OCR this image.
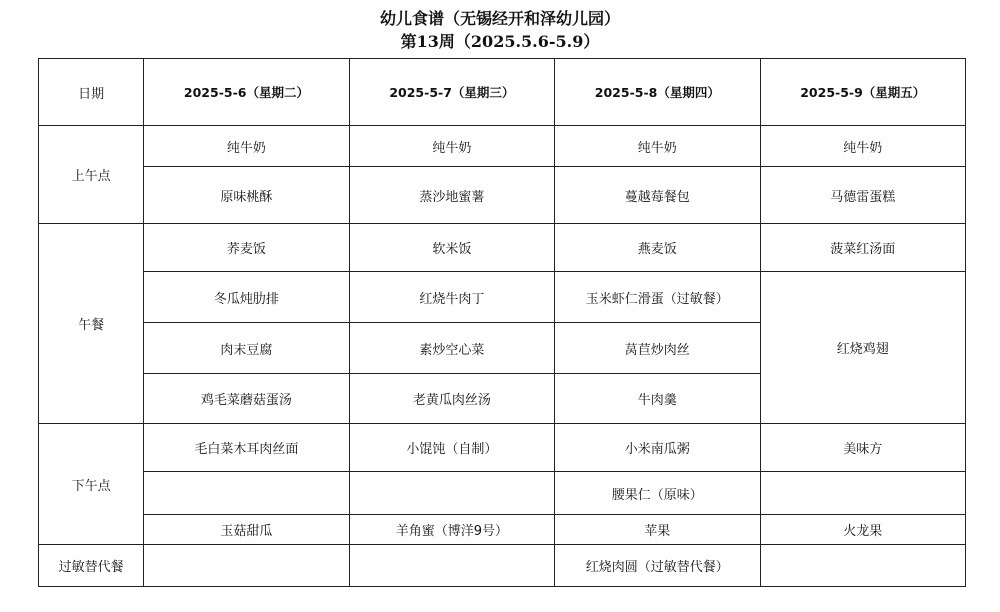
幼儿食谱（无锡经开和泽幼儿园）
第13周（2025.5.6-5.9）
日期	2025-5-6（星期二）	2025-5-7（星期三）	2025-5-8（星期四）	2025-5-9（星期五）
上午点	纯牛奶	纯牛奶	纯牛奶	纯牛奶
	原味桃酥	蒸沙地蜜薯	蔓越莓餐包	马德雷蛋糕
午餐	荞麦饭	软米饭	燕麦饭	菠菜红汤面
	冬瓜炖肋排	红烧牛肉丁	玉米虾仁滑蛋（过敏餐）	红烧鸡翅
	肉末豆腐	素炒空心菜	莴苣炒肉丝	
	鸡毛菜蘑菇蛋汤	老黄瓜肉丝汤	牛肉羹	
下午点	毛白菜木耳肉丝面	小馄饨（自制）	小米南瓜粥	美味方
			腰果仁（原味）	
	玉菇甜瓜	羊角蜜（博洋9号）	苹果	火龙果
过敏替代餐			红烧肉圆（过敏替代餐）	
